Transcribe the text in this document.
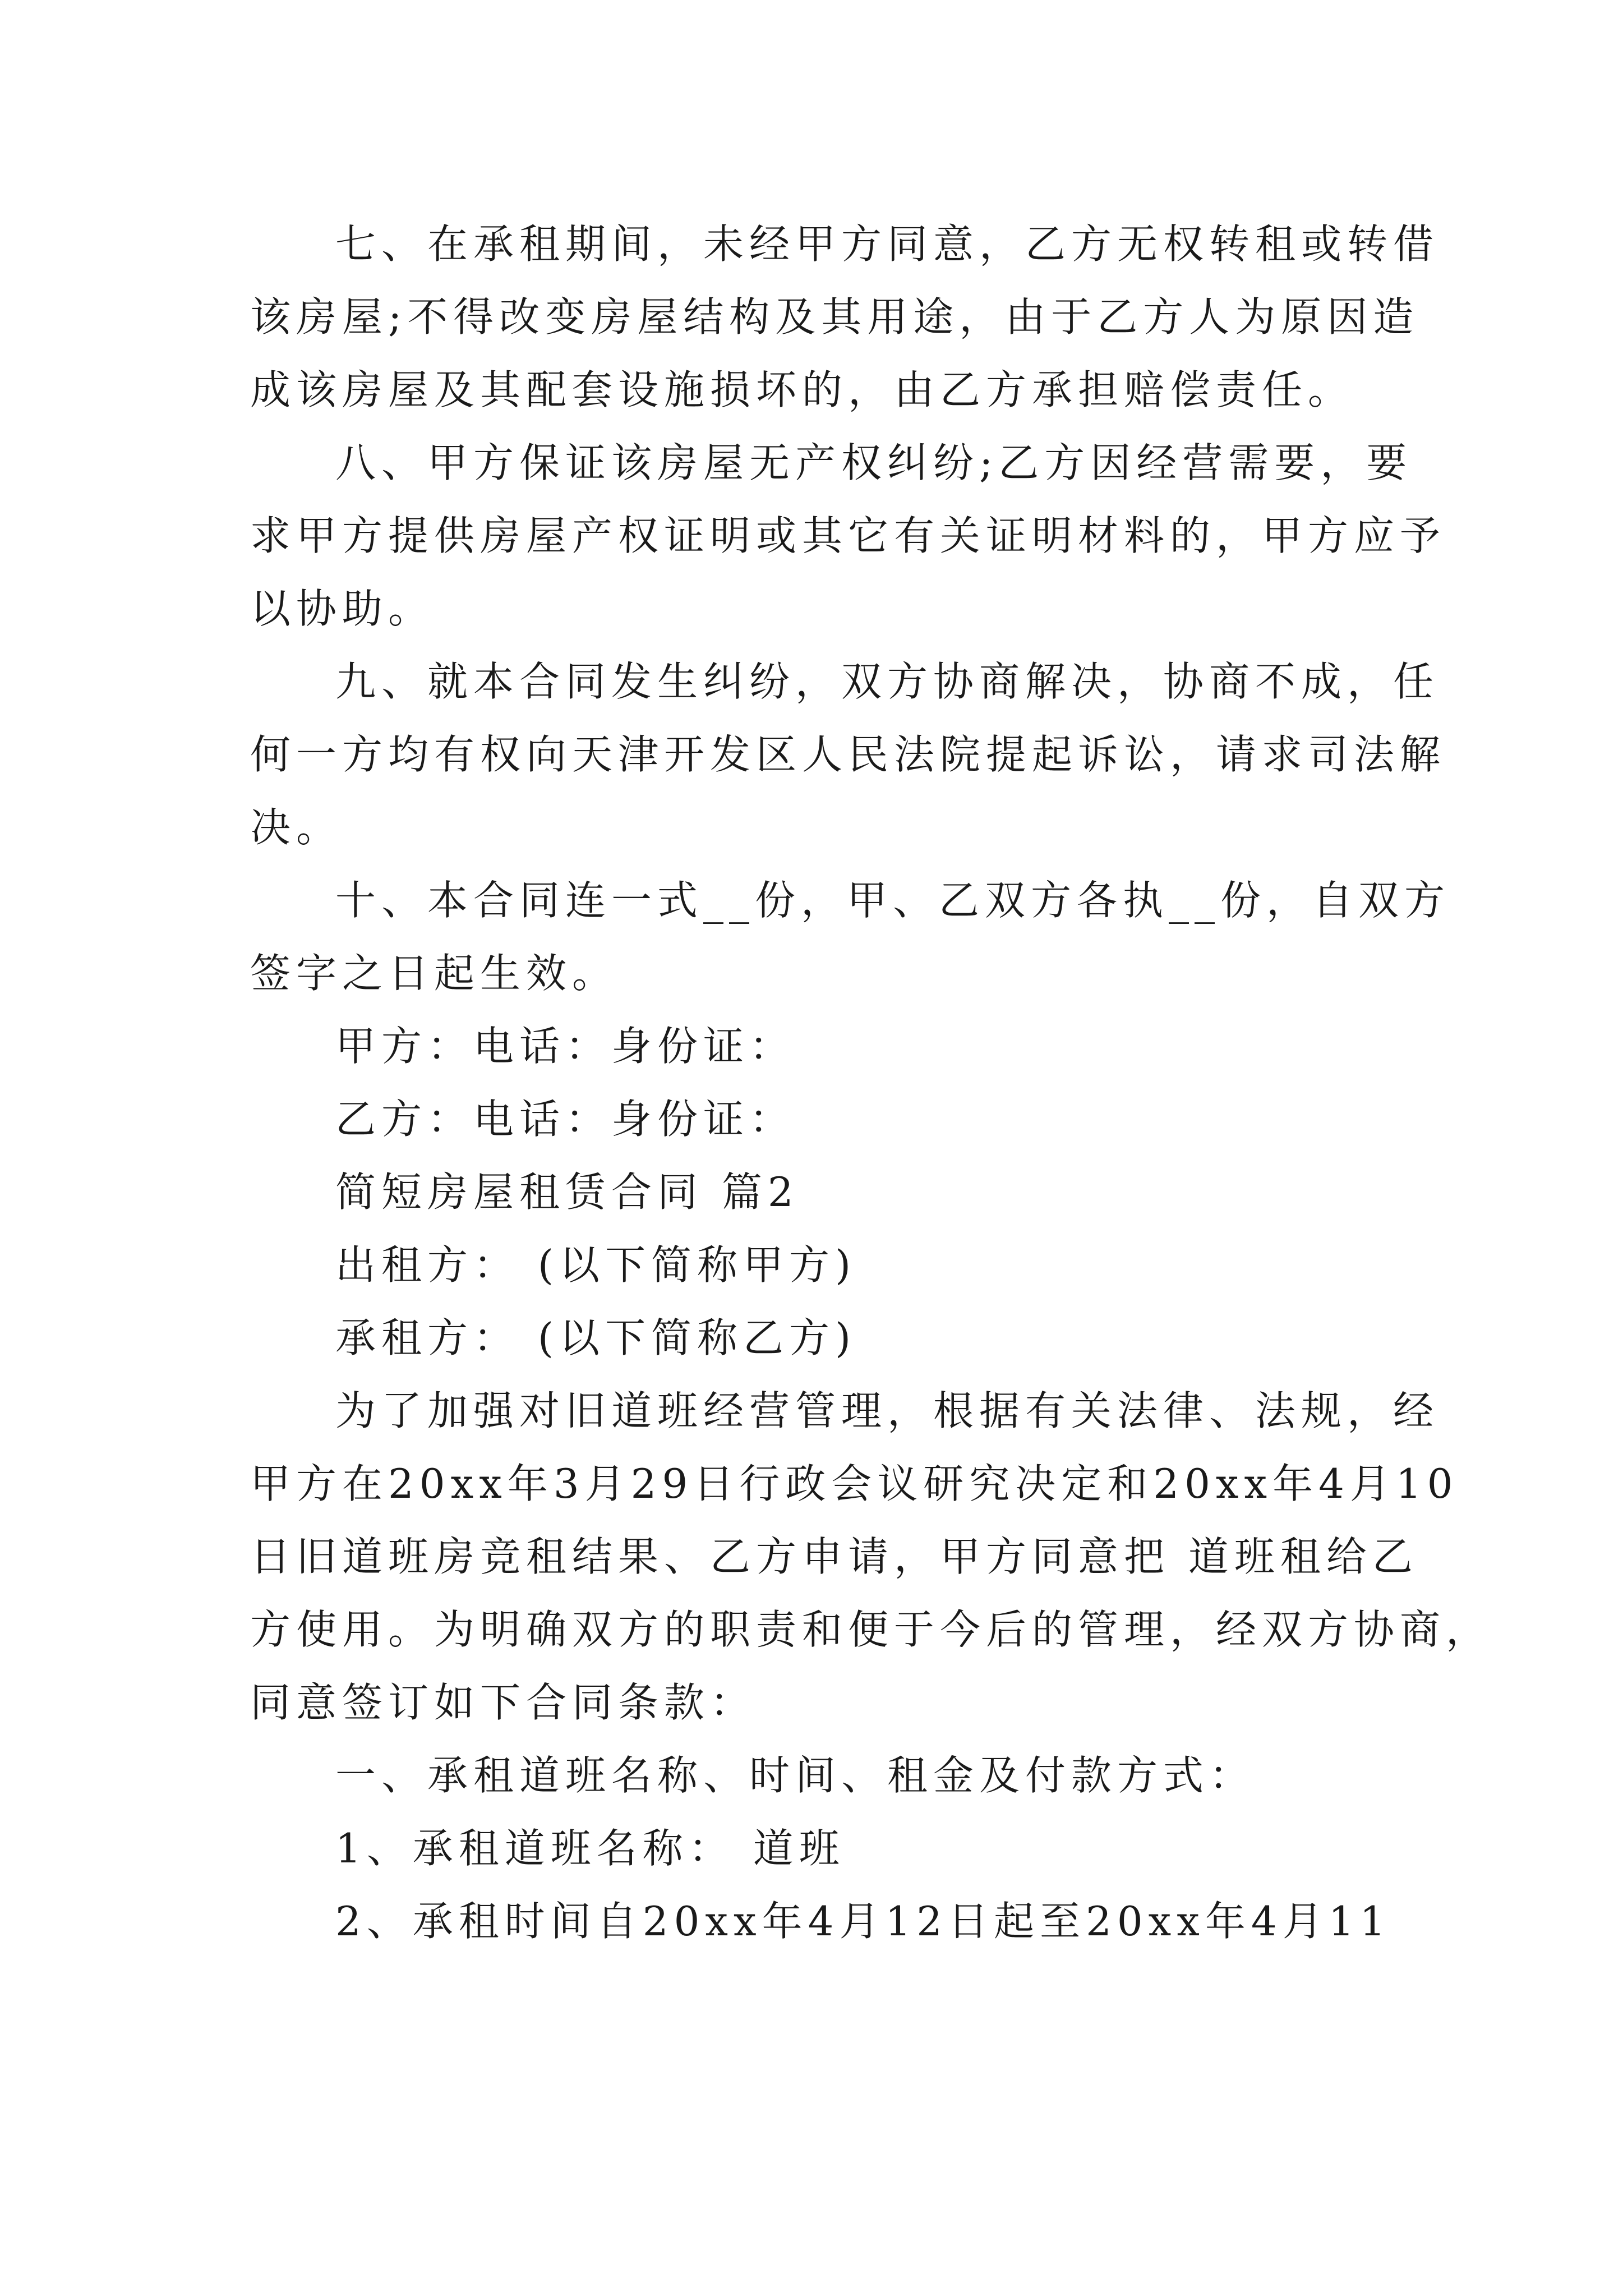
七、在承租期间，未经甲方同意，乙方无权转租或转借

该房屋;不得改变房屋结构及其用途，由于乙方人为原因造

成该房屋及其配套设施损坏的，由乙方承担赔偿责任。

八、甲方保证该房屋无产权纠纷;乙方因经营需要，要

求甲方提供房屋产权证明或其它有关证明材料的，甲方应予

以协助。

九、就本合同发生纠纷，双方协商解决，协商不成，任

何一方均有权向天津开发区人民法院提起诉讼，请求司法解

决。

十、本合同连一式__份，甲、乙双方各执__份，自双方

签字之日起生效。

甲方：电话：身份证：

乙方：电话：身份证：

简短房屋租赁合同 篇2

出租方： (以下简称甲方)

承租方： (以下简称乙方)

为了加强对旧道班经营管理，根据有关法律、法规，经

甲方在20xx年3月29日行政会议研究决定和20xx年4月10

日旧道班房竞租结果、乙方申请，甲方同意把 道班租给乙

方使用。为明确双方的职责和便于今后的管理，经双方协商，

同意签订如下合同条款：

一、承租道班名称、时间、租金及付款方式：

1、承租道班名称： 道班

2、承租时间自20xx年4月12日起至20xx年4月11
